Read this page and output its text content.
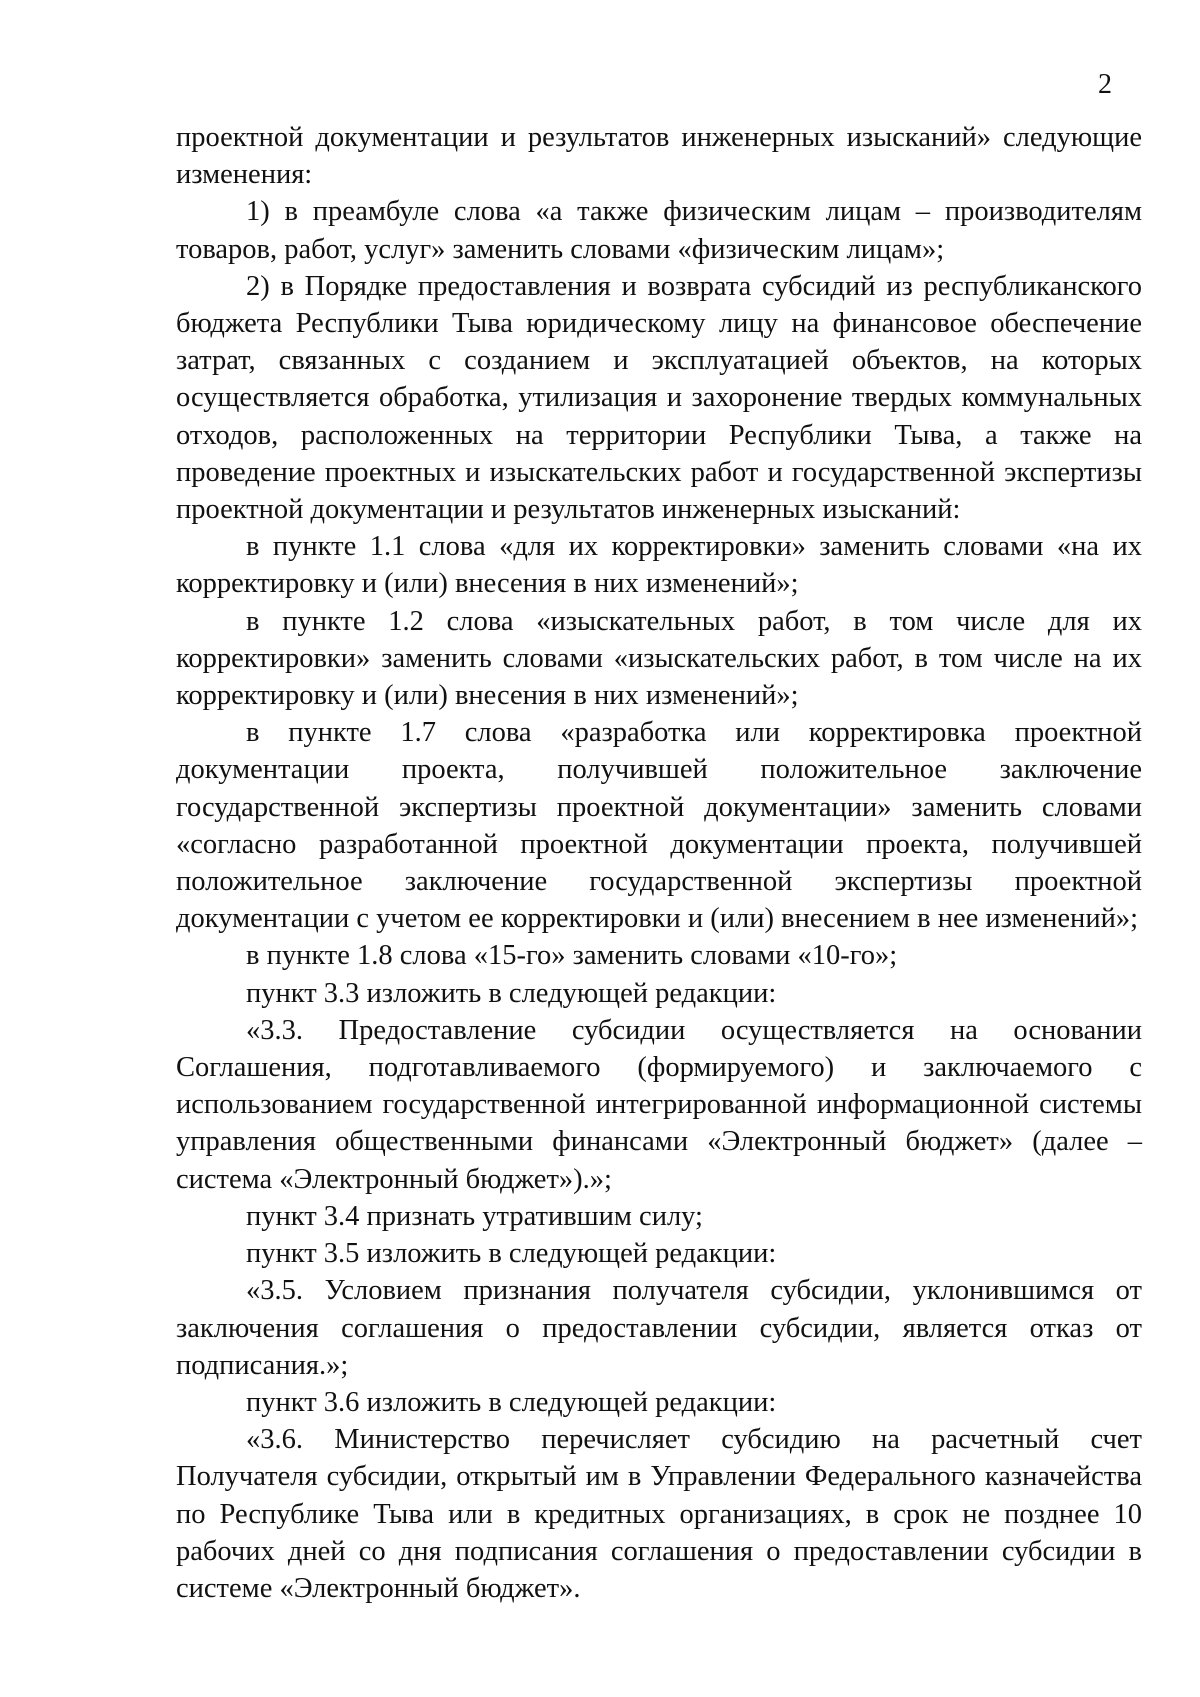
2

проектной документации и результатов инженерных изысканий» следующие изменения:

1) в преамбуле слова «а также физическим лицам – производителям товаров, работ, услуг» заменить словами «физическим лицам»;

2) в Порядке предоставления и возврата субсидий из республиканского бюджета Республики Тыва юридическому лицу на финансовое обеспечение затрат, связанных с созданием и эксплуатацией объектов, на которых осуществляется обработка, утилизация и захоронение твердых коммунальных отходов, расположенных на территории Республики Тыва, а также на проведение проектных и изыскательских работ и государственной экспертизы проектной документации и результатов инженерных изысканий:

в пункте 1.1 слова «для их корректировки» заменить словами «на их корректировку и (или) внесения в них изменений»;

в пункте 1.2 слова «изыскательных работ, в том числе для их корректировки» заменить словами «изыскательских работ, в том числе на их корректировку и (или) внесения в них изменений»;

в пункте 1.7 слова «разработка или корректировка проектной документации проекта, получившей положительное заключение государственной экспертизы проектной документации» заменить словами «согласно разработанной проектной документации проекта, получившей положительное заключение государственной экспертизы проектной документации с учетом ее корректировки и (или) внесением в нее изменений»;

в пункте 1.8 слова «15-го» заменить словами «10-го»;

пункт 3.3 изложить в следующей редакции:

«3.3. Предоставление субсидии осуществляется на основании Соглашения, подготавливаемого (формируемого) и заключаемого с использованием государственной интегрированной информационной системы управления общественными финансами «Электронный бюджет» (далее – система «Электронный бюджет»).»;

пункт 3.4 признать утратившим силу;

пункт 3.5 изложить в следующей редакции:

«3.5. Условием признания получателя субсидии, уклонившимся от заключения соглашения о предоставлении субсидии, является отказ от подписания.»;

пункт 3.6 изложить в следующей редакции:

«3.6. Министерство перечисляет субсидию на расчетный счет Получателя субсидии, открытый им в Управлении Федерального казначейства по Республике Тыва или в кредитных организациях, в срок не позднее 10 рабочих дней со дня подписания соглашения о предоставлении субсидии в системе «Электронный бюджет».
